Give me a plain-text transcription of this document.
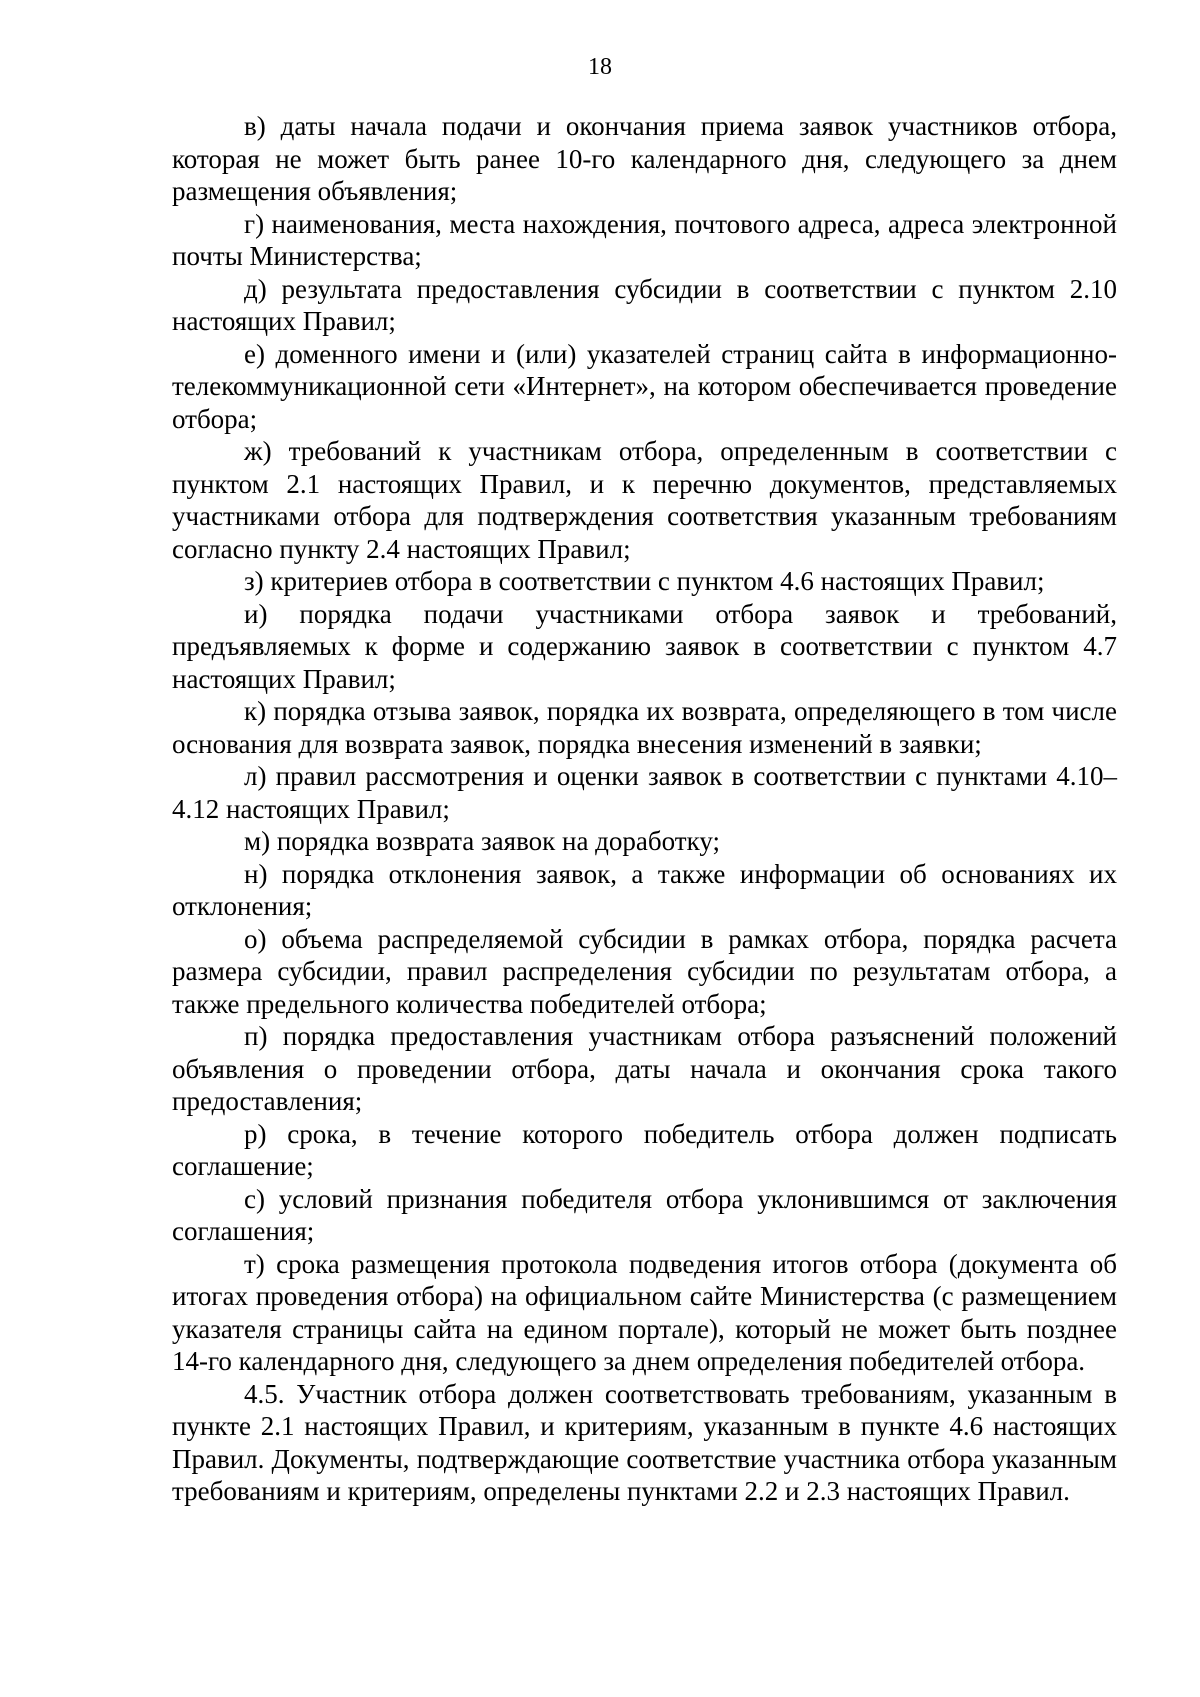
18

в) даты начала подачи и окончания приема заявок участников отбора, которая не может быть ранее 10-го календарного дня, следующего за днем размещения объявления;

г) наименования, места нахождения, почтового адреса, адреса электронной почты Министерства;

д) результата предоставления субсидии в соответствии с пунктом 2.10 настоящих Правил;

е) доменного имени и (или) указателей страниц сайта в информационно-телекоммуникационной сети «Интернет», на котором обеспечивается проведение отбора;

ж) требований к участникам отбора, определенным в соответствии с пунктом 2.1 настоящих Правил, и к перечню документов, представляемых участниками отбора для подтверждения соответствия указанным требованиям согласно пункту 2.4 настоящих Правил;

з) критериев отбора в соответствии с пунктом 4.6 настоящих Правил;

и) порядка подачи участниками отбора заявок и требований, предъявляемых к форме и содержанию заявок в соответствии с пунктом 4.7 настоящих Правил;

к) порядка отзыва заявок, порядка их возврата, определяющего в том числе основания для возврата заявок, порядка внесения изменений в заявки;

л) правил рассмотрения и оценки заявок в соответствии с пунктами 4.10–4.12 настоящих Правил;

м) порядка возврата заявок на доработку;

н) порядка отклонения заявок, а также информации об основаниях их отклонения;

о) объема распределяемой субсидии в рамках отбора, порядка расчета размера субсидии, правил распределения субсидии по результатам отбора, а также предельного количества победителей отбора;

п) порядка предоставления участникам отбора разъяснений положений объявления о проведении отбора, даты начала и окончания срока такого предоставления;

р) срока, в течение которого победитель отбора должен подписать соглашение;

с) условий признания победителя отбора уклонившимся от заключения соглашения;

т) срока размещения протокола подведения итогов отбора (документа об итогах проведения отбора) на официальном сайте Министерства (с размещением указателя страницы сайта на едином портале), который не может быть позднее 14-го календарного дня, следующего за днем определения победителей отбора.

4.5. Участник отбора должен соответствовать требованиям, указанным в пункте 2.1 настоящих Правил, и критериям, указанным в пункте 4.6 настоящих Правил. Документы, подтверждающие соответствие участника отбора указанным требованиям и критериям, определены пунктами 2.2 и 2.3 настоящих Правил.
